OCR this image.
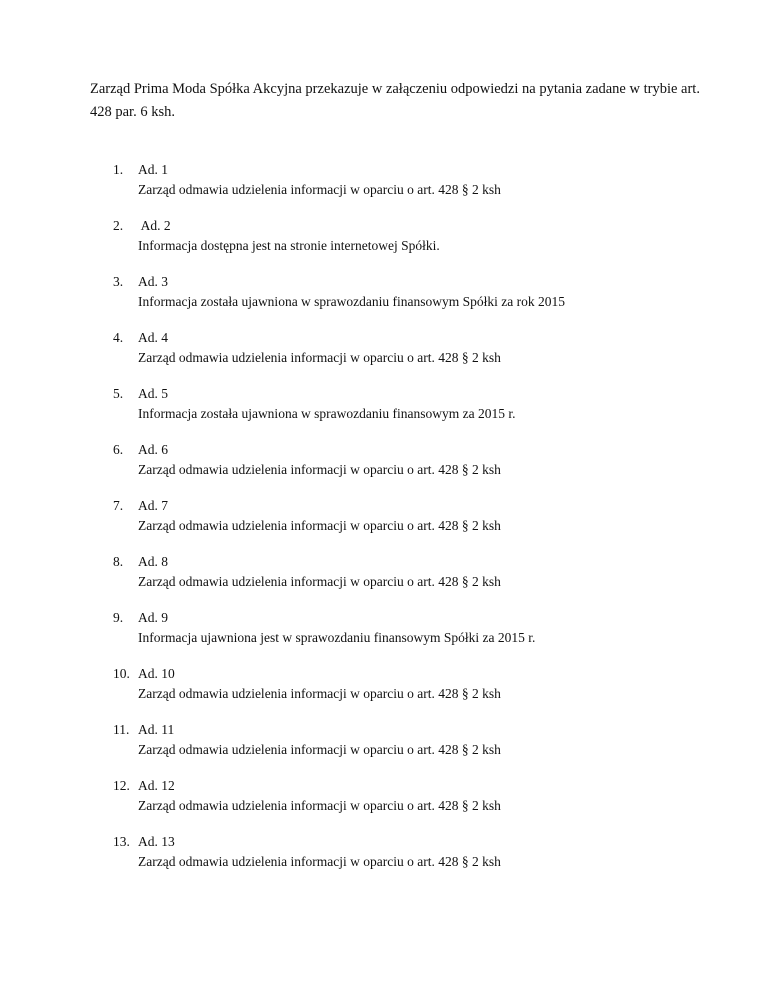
Zarząd Prima Moda Spółka Akcyjna przekazuje w załączeniu odpowiedzi na pytania zadane w trybie art. 428 par. 6 ksh.

1. Ad. 1
Zarząd odmawia udzielenia informacji w oparciu o art. 428 § 2 ksh
2. Ad. 2
Informacja dostępna jest na stronie internetowej Spółki.
3. Ad. 3
Informacja została ujawniona w sprawozdaniu finansowym Spółki za rok 2015
4. Ad. 4
Zarząd odmawia udzielenia informacji w oparciu o art. 428 § 2 ksh
5. Ad. 5
Informacja została ujawniona w sprawozdaniu finansowym za 2015 r.
6. Ad. 6
Zarząd odmawia udzielenia informacji w oparciu o art. 428 § 2 ksh
7. Ad. 7
Zarząd odmawia udzielenia informacji w oparciu o art. 428 § 2 ksh
8. Ad. 8
Zarząd odmawia udzielenia informacji w oparciu o art. 428 § 2 ksh
9. Ad. 9
Informacja ujawniona jest w sprawozdaniu finansowym Spółki za 2015 r.
10. Ad. 10
Zarząd odmawia udzielenia informacji w oparciu o art. 428 § 2 ksh
11. Ad. 11
Zarząd odmawia udzielenia informacji w oparciu o art. 428 § 2 ksh
12. Ad. 12
Zarząd odmawia udzielenia informacji w oparciu o art. 428 § 2 ksh
13. Ad. 13
Zarząd odmawia udzielenia informacji w oparciu o art. 428 § 2 ksh
